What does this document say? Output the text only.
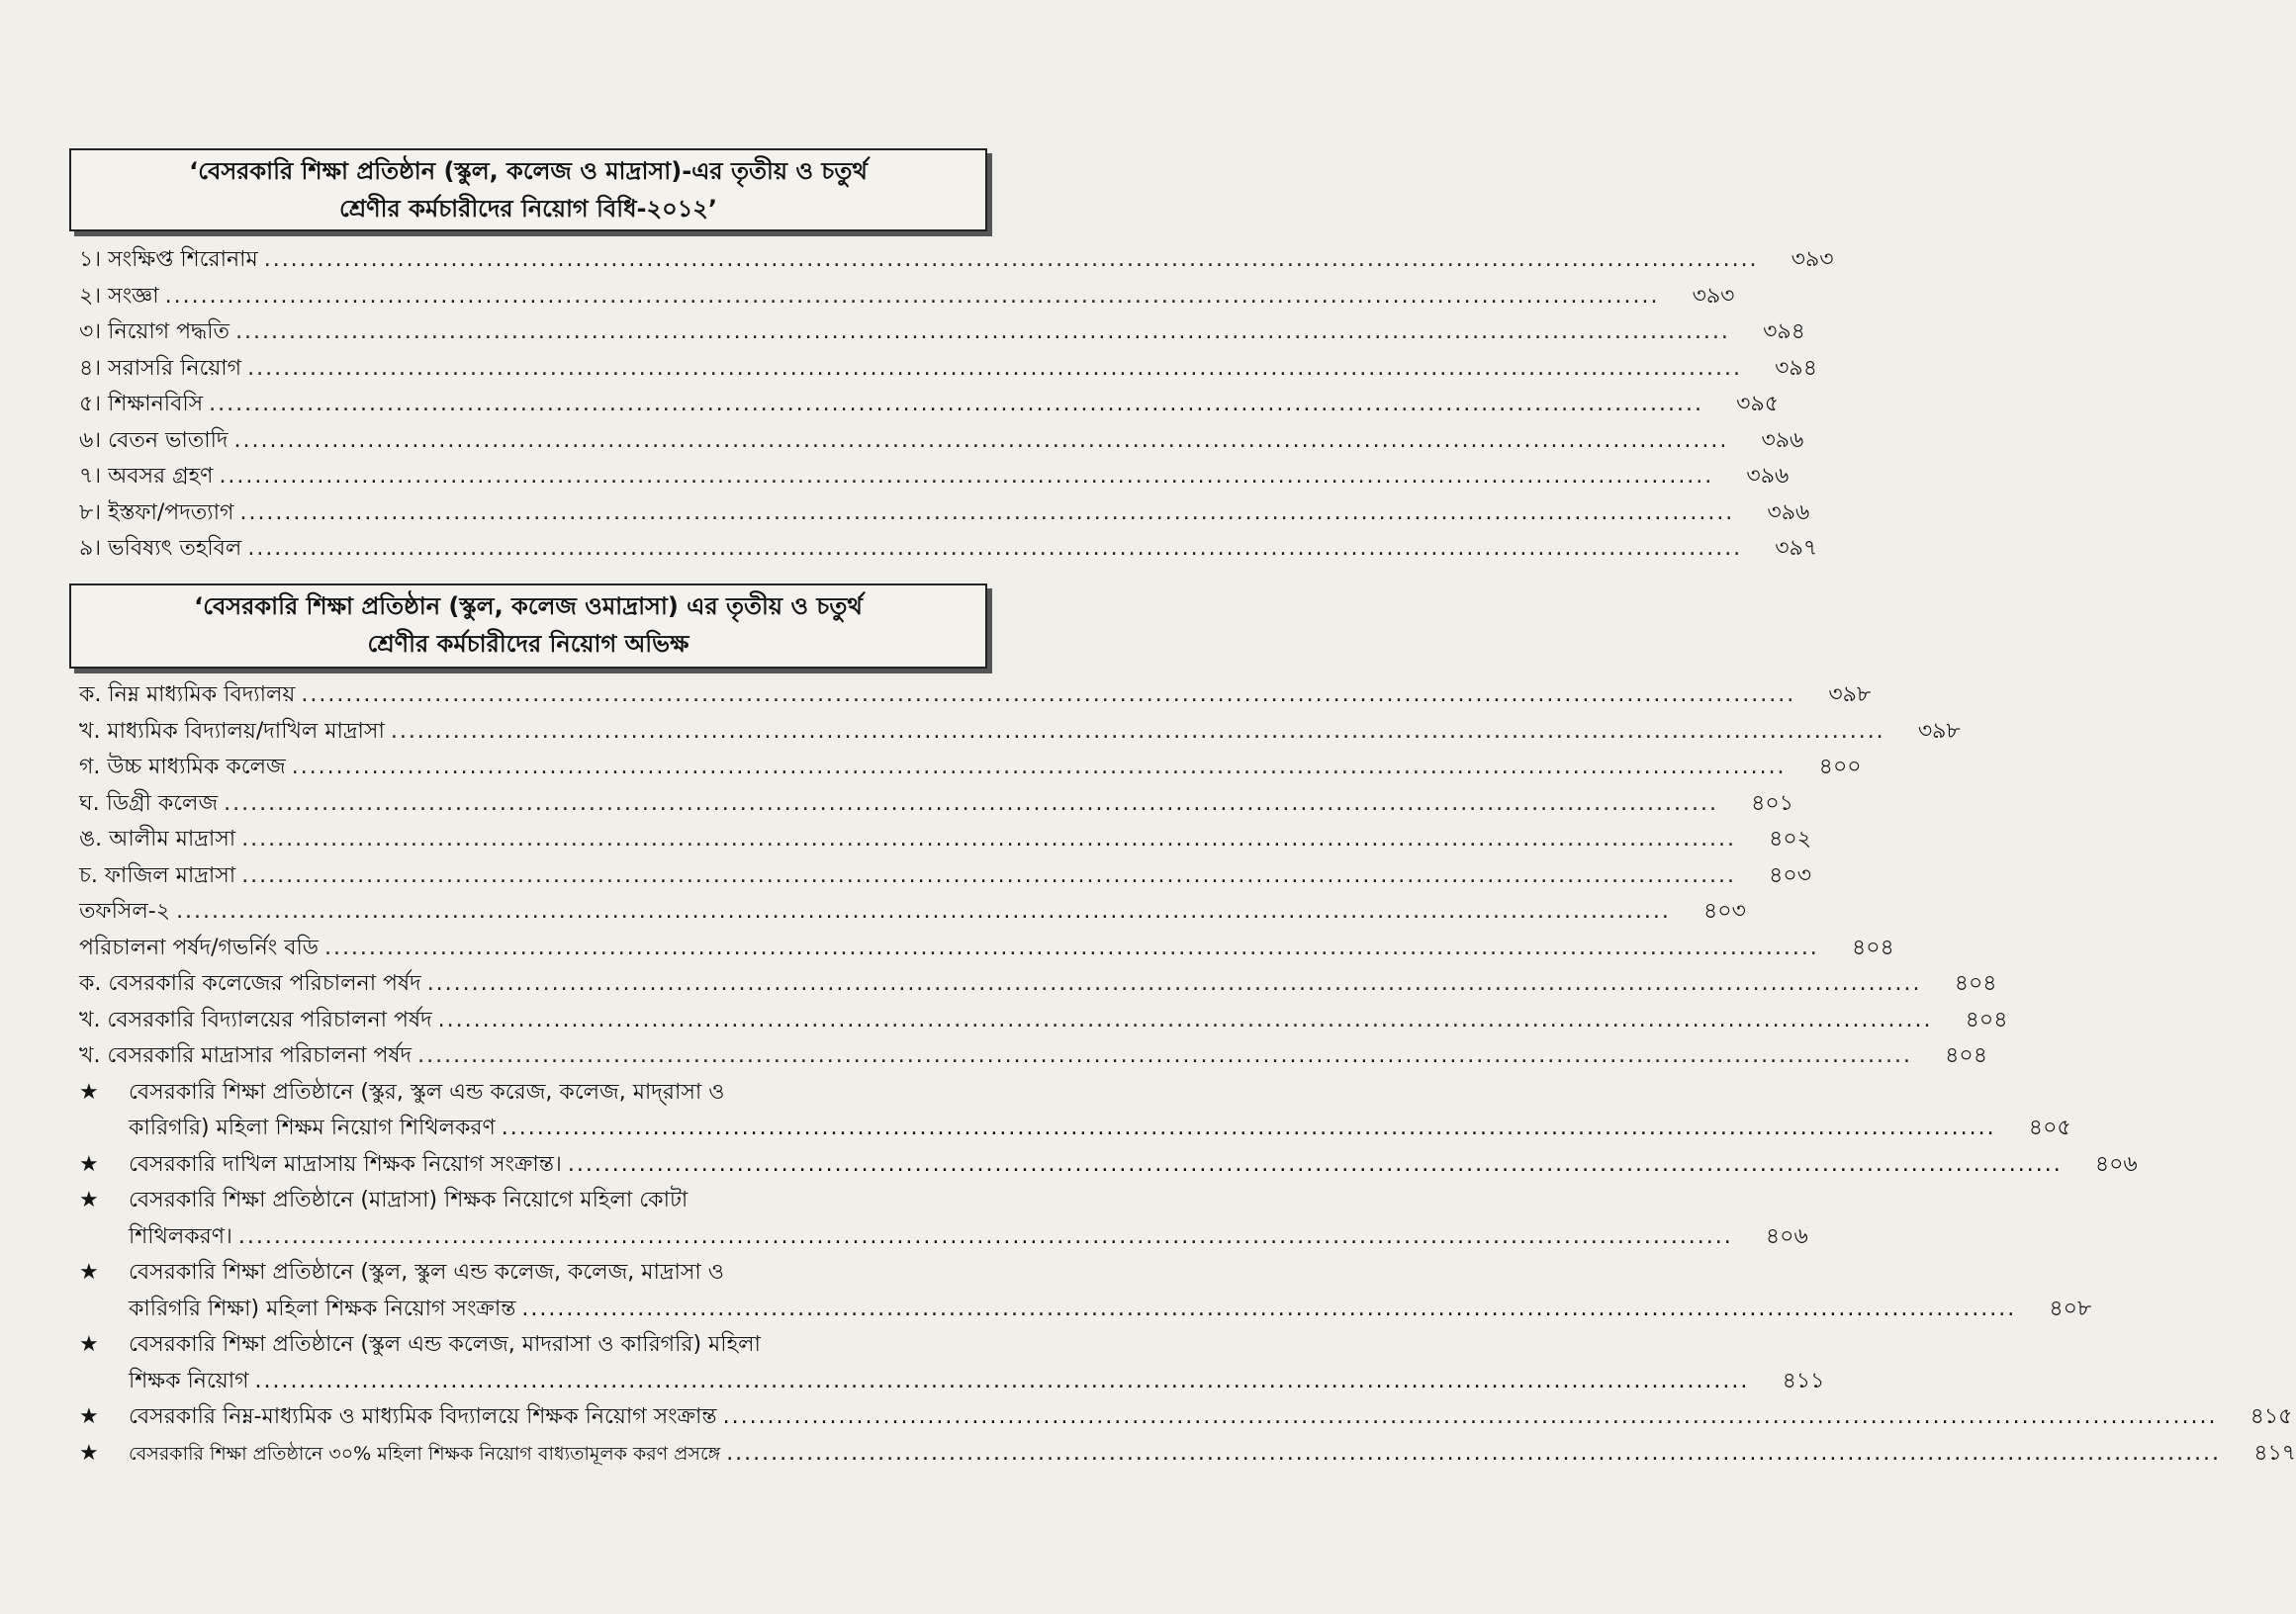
‘বেসরকারি শিক্ষা প্রতিষ্ঠান (স্কুল, কলেজ ও মাদ্রাসা)-এর তৃতীয় ও চতুর্থ
শ্রেণীর কর্মচারীদের নিয়োগ বিধি-২০১২’
১। সংক্ষিপ্ত শিরোনাম ........................................................................................................................................................................	৩৯৩
২। সংজ্ঞা ........................................................................................................................................................................	৩৯৩
৩। নিয়োগ পদ্ধতি ........................................................................................................................................................................	৩৯৪
৪। সরাসরি নিয়োগ ........................................................................................................................................................................	৩৯৪
৫। শিক্ষানবিসি ........................................................................................................................................................................	৩৯৫
৬। বেতন ভাতাদি ........................................................................................................................................................................	৩৯৬
৭। অবসর গ্রহণ ........................................................................................................................................................................	৩৯৬
৮। ইস্তফা/পদত্যাগ ........................................................................................................................................................................	৩৯৬
৯। ভবিষ্যৎ তহবিল ........................................................................................................................................................................	৩৯৭
‘বেসরকারি শিক্ষা প্রতিষ্ঠান (স্কুল, কলেজ ওমাদ্রাসা) এর তৃতীয় ও চতুর্থ
শ্রেণীর কর্মচারীদের নিয়োগ অভিক্ষ
ক. নিম্ন মাধ্যমিক বিদ্যালয় ........................................................................................................................................................................	৩৯৮
খ. মাধ্যমিক বিদ্যালয়/দাখিল মাদ্রাসা ........................................................................................................................................................................	৩৯৮
গ. উচ্চ মাধ্যমিক কলেজ ........................................................................................................................................................................	৪০০
ঘ. ডিগ্রী কলেজ ........................................................................................................................................................................	৪০১
ঙ. আলীম মাদ্রাসা ........................................................................................................................................................................	৪০২
চ. ফাজিল মাদ্রাসা ........................................................................................................................................................................	৪০৩
তফসিল-২ ........................................................................................................................................................................	৪০৩
পরিচালনা পর্ষদ/গভর্নিং বডি ........................................................................................................................................................................	৪০৪
ক. বেসরকারি কলেজের পরিচালনা পর্ষদ ........................................................................................................................................................................	৪০৪
খ. বেসরকারি বিদ্যালয়ের পরিচালনা পর্ষদ ........................................................................................................................................................................	৪০৪
খ. বেসরকারি মাদ্রাসার পরিচালনা পর্ষদ ........................................................................................................................................................................	৪০৪
★ বেসরকারি শিক্ষা প্রতিষ্ঠানে (স্কুর, স্কুল এন্ড করেজ, কলেজ, মাদ্‌রাসা ও
কারিগরি) মহিলা শিক্ষম নিয়োগ শিথিলকরণ ........................................................................................................................................................................	৪০৫
★ বেসরকারি দাখিল মাদ্রাসায় শিক্ষক নিয়োগ সংক্রান্ত। ........................................................................................................................................................................	৪০৬
★ বেসরকারি শিক্ষা প্রতিষ্ঠানে (মাদ্রাসা) শিক্ষক নিয়োগে মহিলা কোটা
শিথিলকরণ। ........................................................................................................................................................................	৪০৬
★ বেসরকারি শিক্ষা প্রতিষ্ঠানে (স্কুল, স্কুল এন্ড কলেজ, কলেজ, মাদ্রাসা ও
কারিগরি শিক্ষা) মহিলা শিক্ষক নিয়োগ সংক্রান্ত ........................................................................................................................................................................	৪০৮
★ বেসরকারি শিক্ষা প্রতিষ্ঠানে (স্কুল এন্ড কলেজ, মাদরাসা ও কারিগরি) মহিলা
শিক্ষক নিয়োগ ........................................................................................................................................................................	৪১১
★ বেসরকারি নিম্ন-মাধ্যমিক ও মাধ্যমিক বিদ্যালয়ে শিক্ষক নিয়োগ সংক্রান্ত ........................................................................................................................................................................	৪১৫
★ বেসরকারি শিক্ষা প্রতিষ্ঠানে ৩০% মহিলা শিক্ষক নিয়োগ বাধ্যতামূলক করণ প্রসঙ্গে ........................................................................................................................................................................	৪১৭
